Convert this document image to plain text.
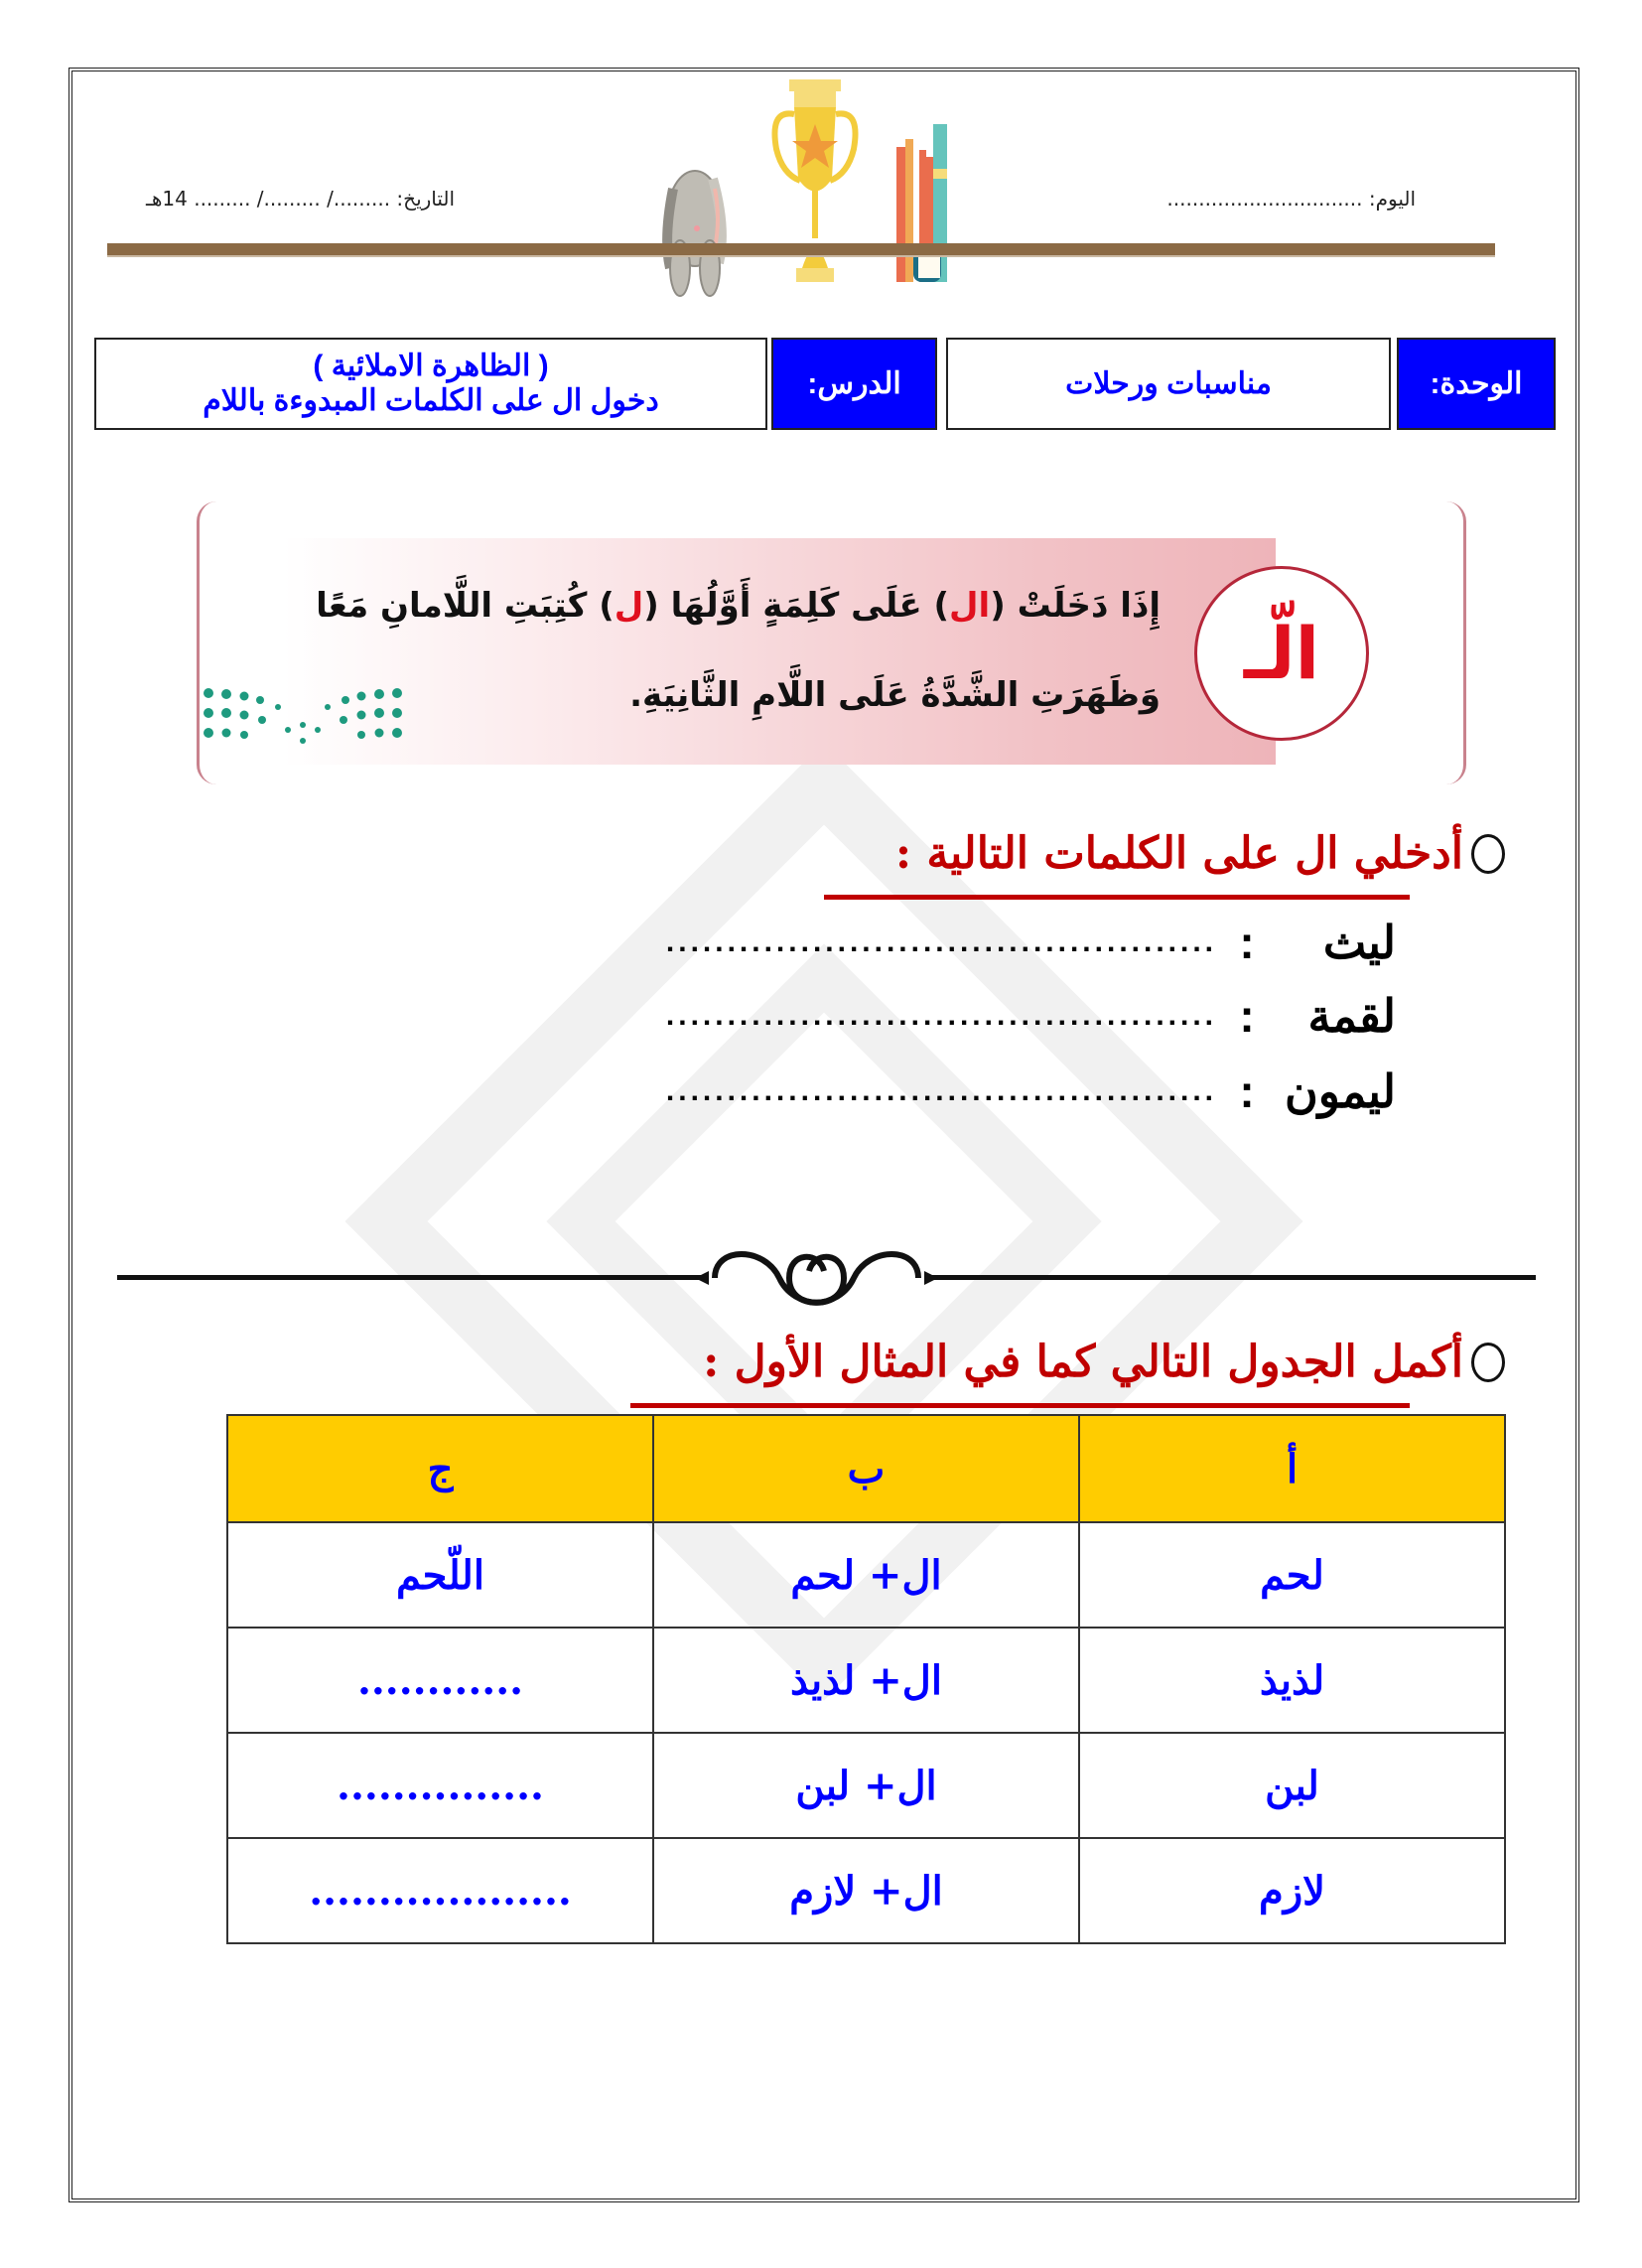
اليوم: ...............................
التاريخ: ........./ ........./ ......... 14هـ
الوحدة:
مناسبات ورحلات
الدرس:
( الظاهرة الاملائية )
دخول ال على الكلمات المبدوءة باللام
الّـ
إِذَا دَخَلَتْ (ال) عَلَى كَلِمَةٍ أَوَّلُهَا (ل) كُتِبَتِ اللَّامانِ مَعًا
وَظَهَرَتِ الشَّدَّةُ عَلَى اللَّامِ الثَّانِيَةِ.
أدخلي ال على الكلمات التالية :
ليث
:
.............................................
لقمة
:
.............................................
ليمون
:
.............................................
أكمل الجدول التالي كما في المثال الأول :
أ	ب	ج
لحم	ال+ لحم	اللّحم
لذيذ	ال+ لذيذ	............
لبن	ال+ لبن	...............
لازم	ال+ لازم	...................
